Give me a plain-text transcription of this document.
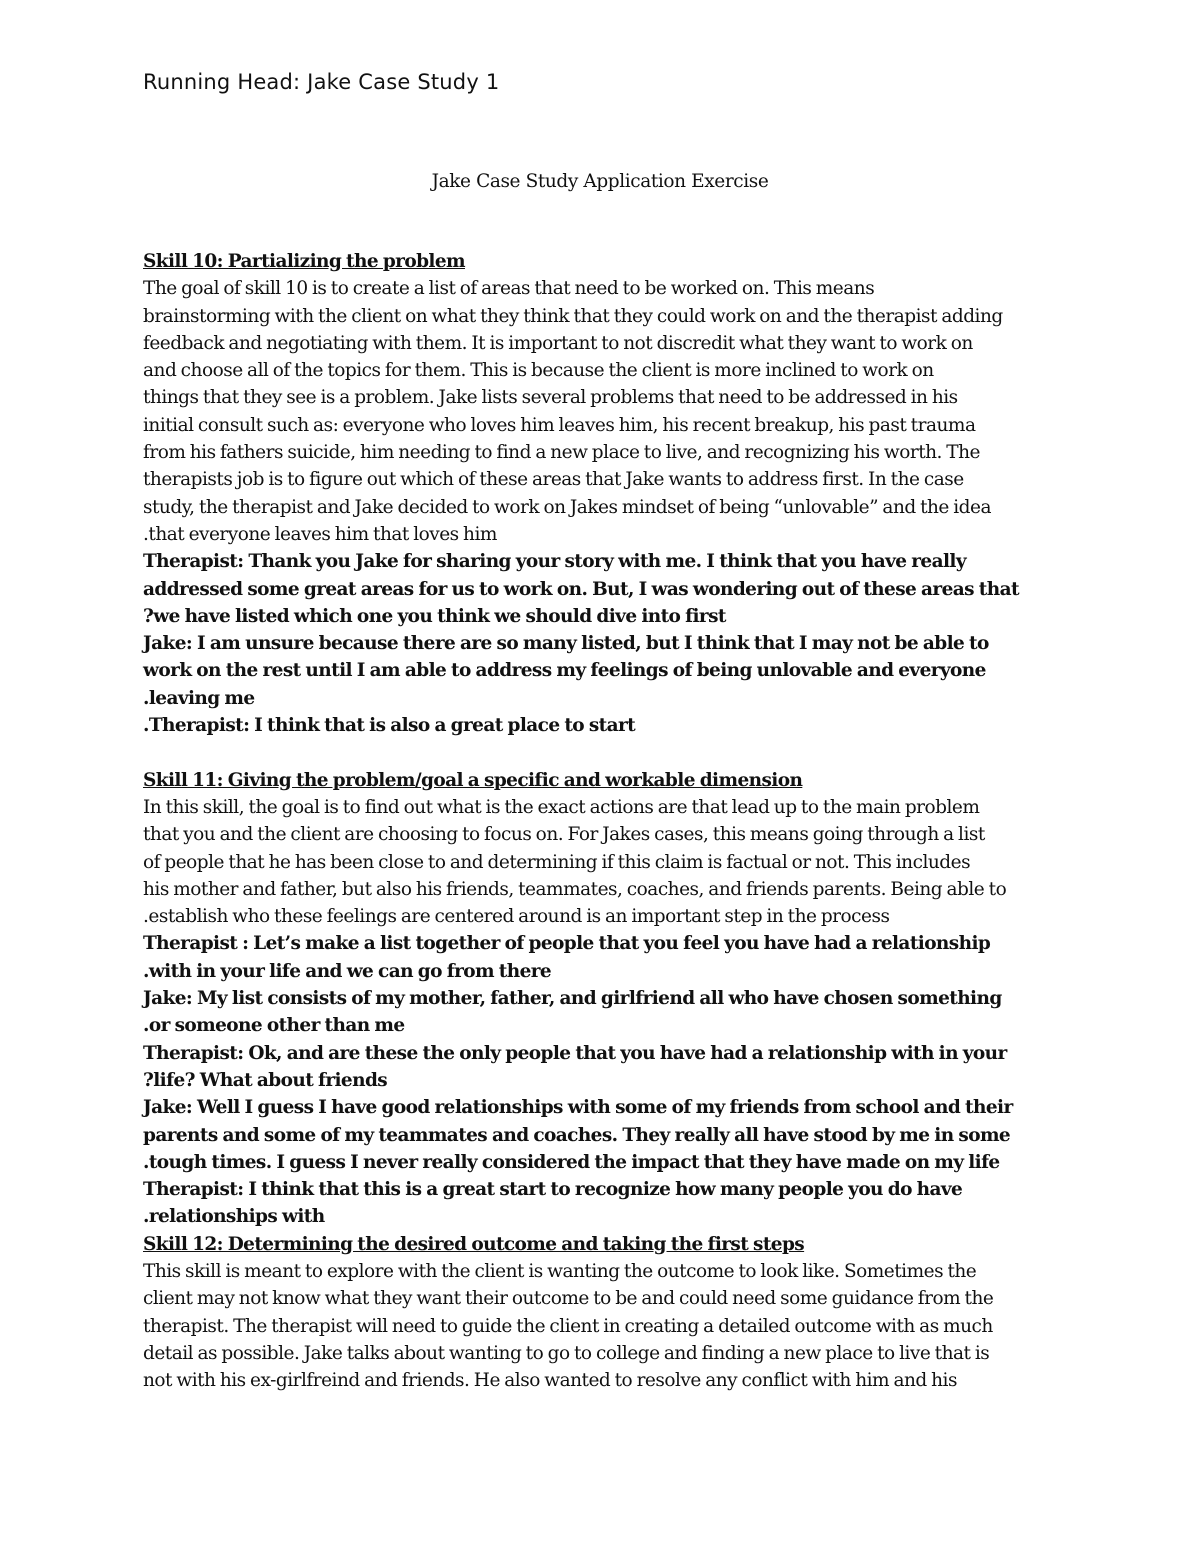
Running Head: Jake Case Study 1
Jake Case Study Application Exercise
Skill 10: Partializing the problem
The goal of skill 10 is to create a list of areas that need to be worked on. This means
brainstorming with the client on what they think that they could work on and the therapist adding
feedback and negotiating with them. It is important to not discredit what they want to work on
and choose all of the topics for them. This is because the client is more inclined to work on
things that they see is a problem. Jake lists several problems that need to be addressed in his
initial consult such as: everyone who loves him leaves him, his recent breakup, his past trauma
from his fathers suicide, him needing to find a new place to live, and recognizing his worth. The
therapists job is to figure out which of these areas that Jake wants to address first. In the case
study, the therapist and Jake decided to work on Jakes mindset of being “unlovable” and the idea
.that everyone leaves him that loves him
Therapist: Thank you Jake for sharing your story with me. I think that you have really
addressed some great areas for us to work on. But, I was wondering out of these areas that
?we have listed which one you think we should dive into first
Jake: I am unsure because there are so many listed, but I think that I may not be able to
work on the rest until I am able to address my feelings of being unlovable and everyone
.leaving me
.Therapist: I think that is also a great place to start
Skill 11: Giving the problem/goal a specific and workable dimension
In this skill, the goal is to find out what is the exact actions are that lead up to the main problem
that you and the client are choosing to focus on. For Jakes cases, this means going through a list
of people that he has been close to and determining if this claim is factual or not. This includes
his mother and father, but also his friends, teammates, coaches, and friends parents. Being able to
.establish who these feelings are centered around is an important step in the process
Therapist : Let’s make a list together of people that you feel you have had a relationship
.with in your life and we can go from there
Jake: My list consists of my mother, father, and girlfriend all who have chosen something
.or someone other than me
Therapist: Ok, and are these the only people that you have had a relationship with in your
?life? What about friends
Jake: Well I guess I have good relationships with some of my friends from school and their
parents and some of my teammates and coaches. They really all have stood by me in some
.tough times. I guess I never really considered the impact that they have made on my life
Therapist: I think that this is a great start to recognize how many people you do have
.relationships with
Skill 12: Determining the desired outcome and taking the first steps
This skill is meant to explore with the client is wanting the outcome to look like. Sometimes the
client may not know what they want their outcome to be and could need some guidance from the
therapist. The therapist will need to guide the client in creating a detailed outcome with as much
detail as possible. Jake talks about wanting to go to college and finding a new place to live that is
not with his ex-girlfreind and friends. He also wanted to resolve any conflict with him and his
